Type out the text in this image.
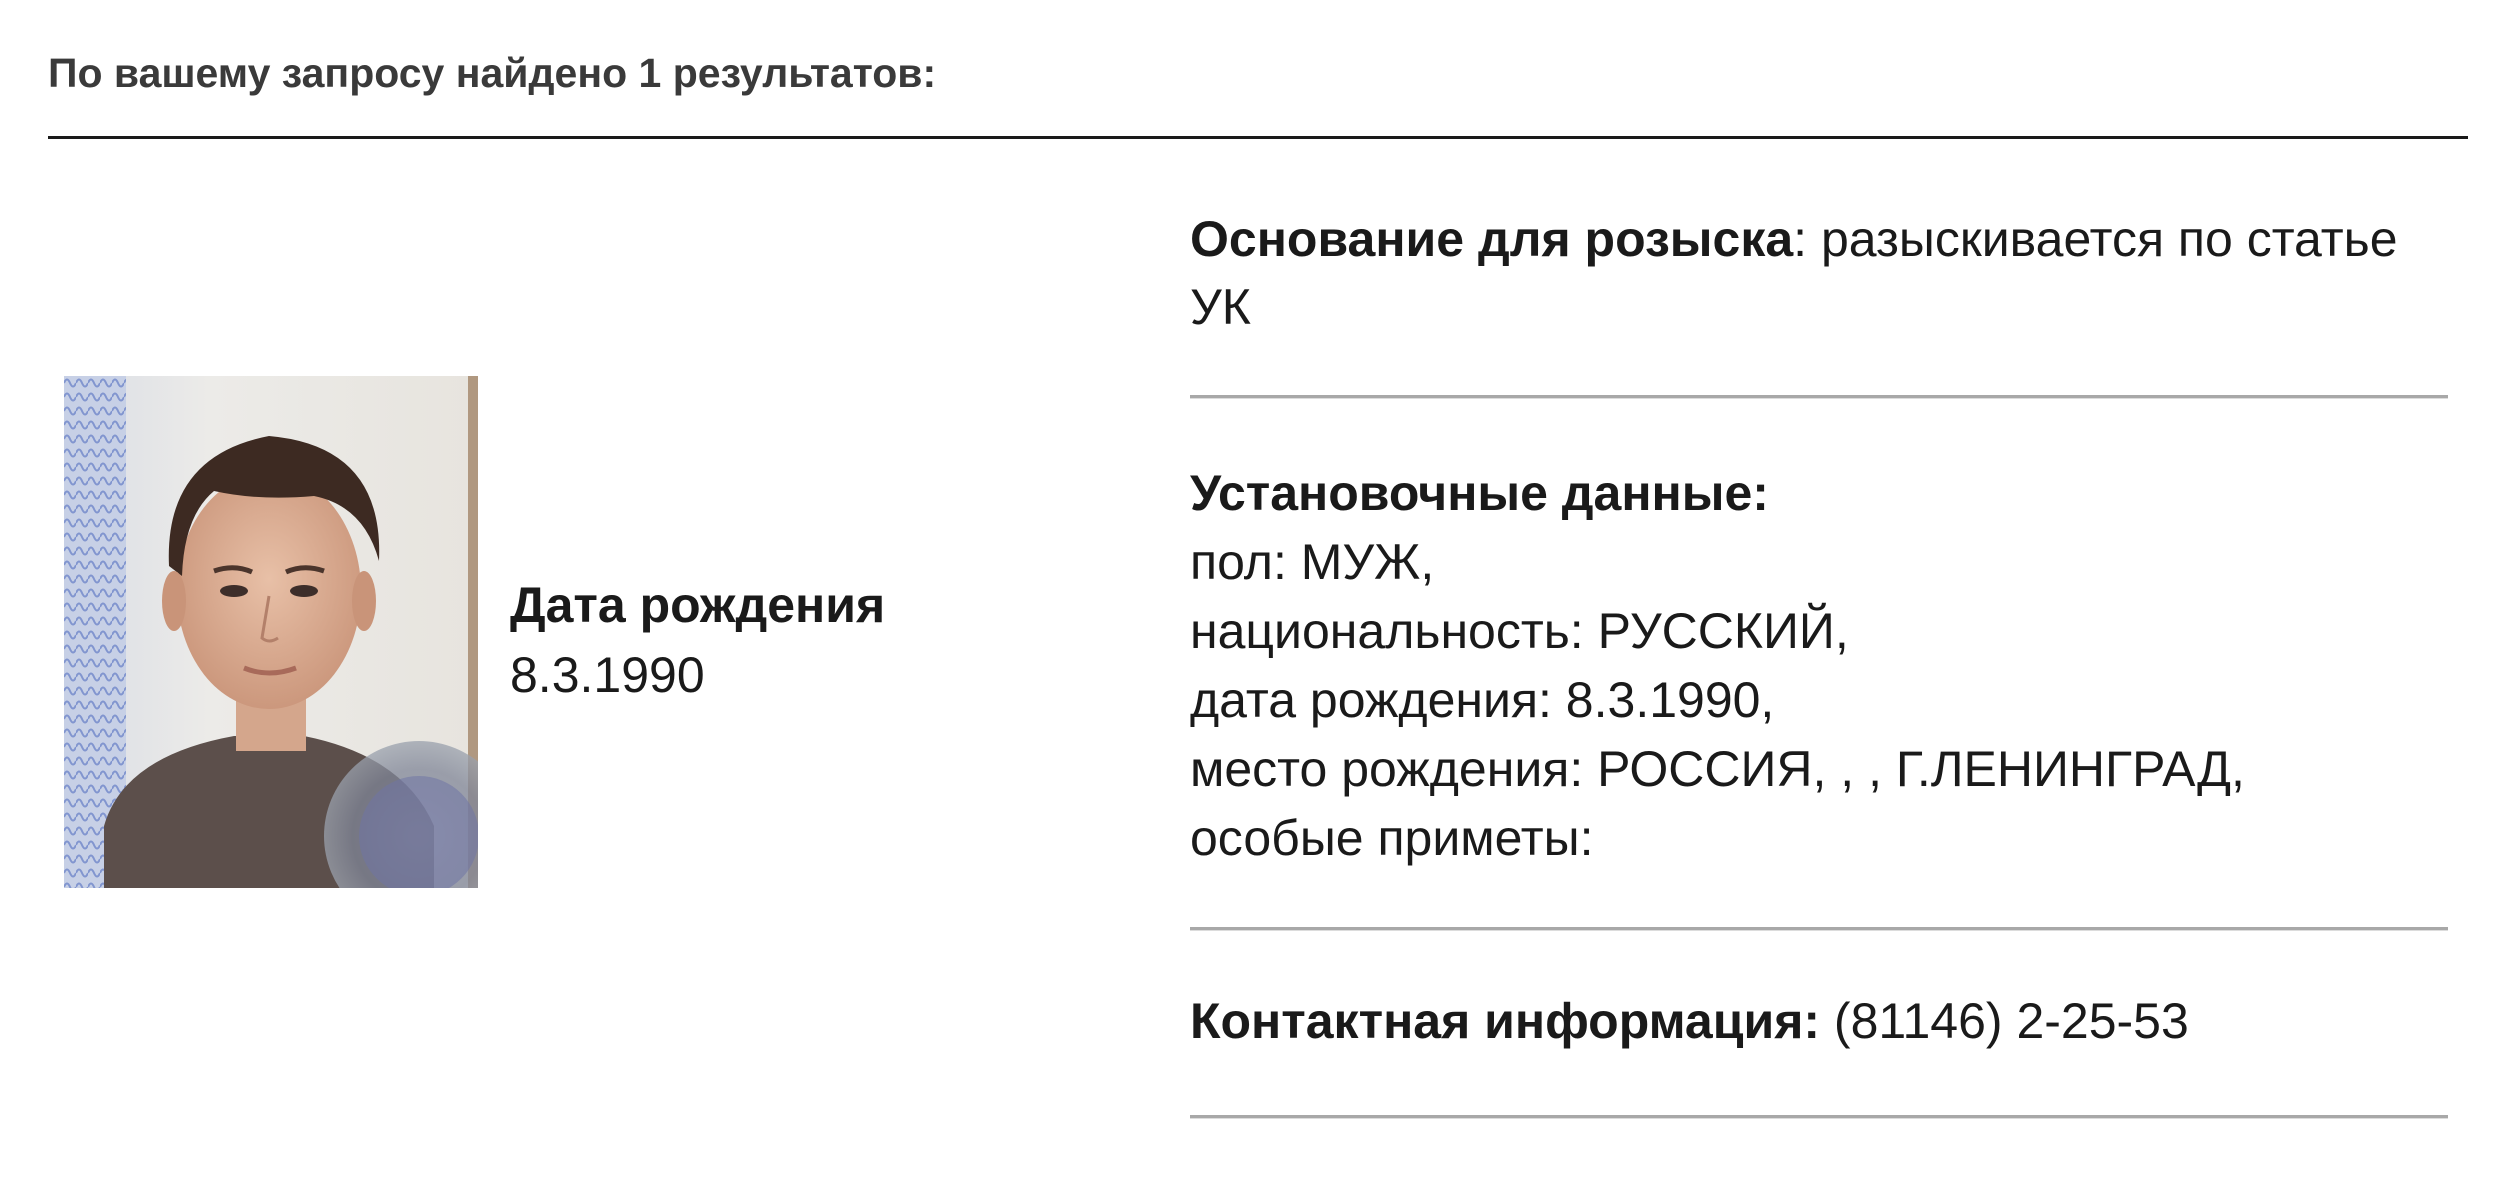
По вашему запросу найдено 1 результатов:
Дата рождения
8.3.1990
Основание для розыска: разыскивается по статье УК
Установочные данные:
пол: МУЖ,
национальность: РУССКИЙ,
дата рождения: 8.3.1990,
место рождения: РОССИЯ, , , Г.ЛЕНИНГРАД,
особые приметы:
Контактная информация: (81146) 2-25-53
